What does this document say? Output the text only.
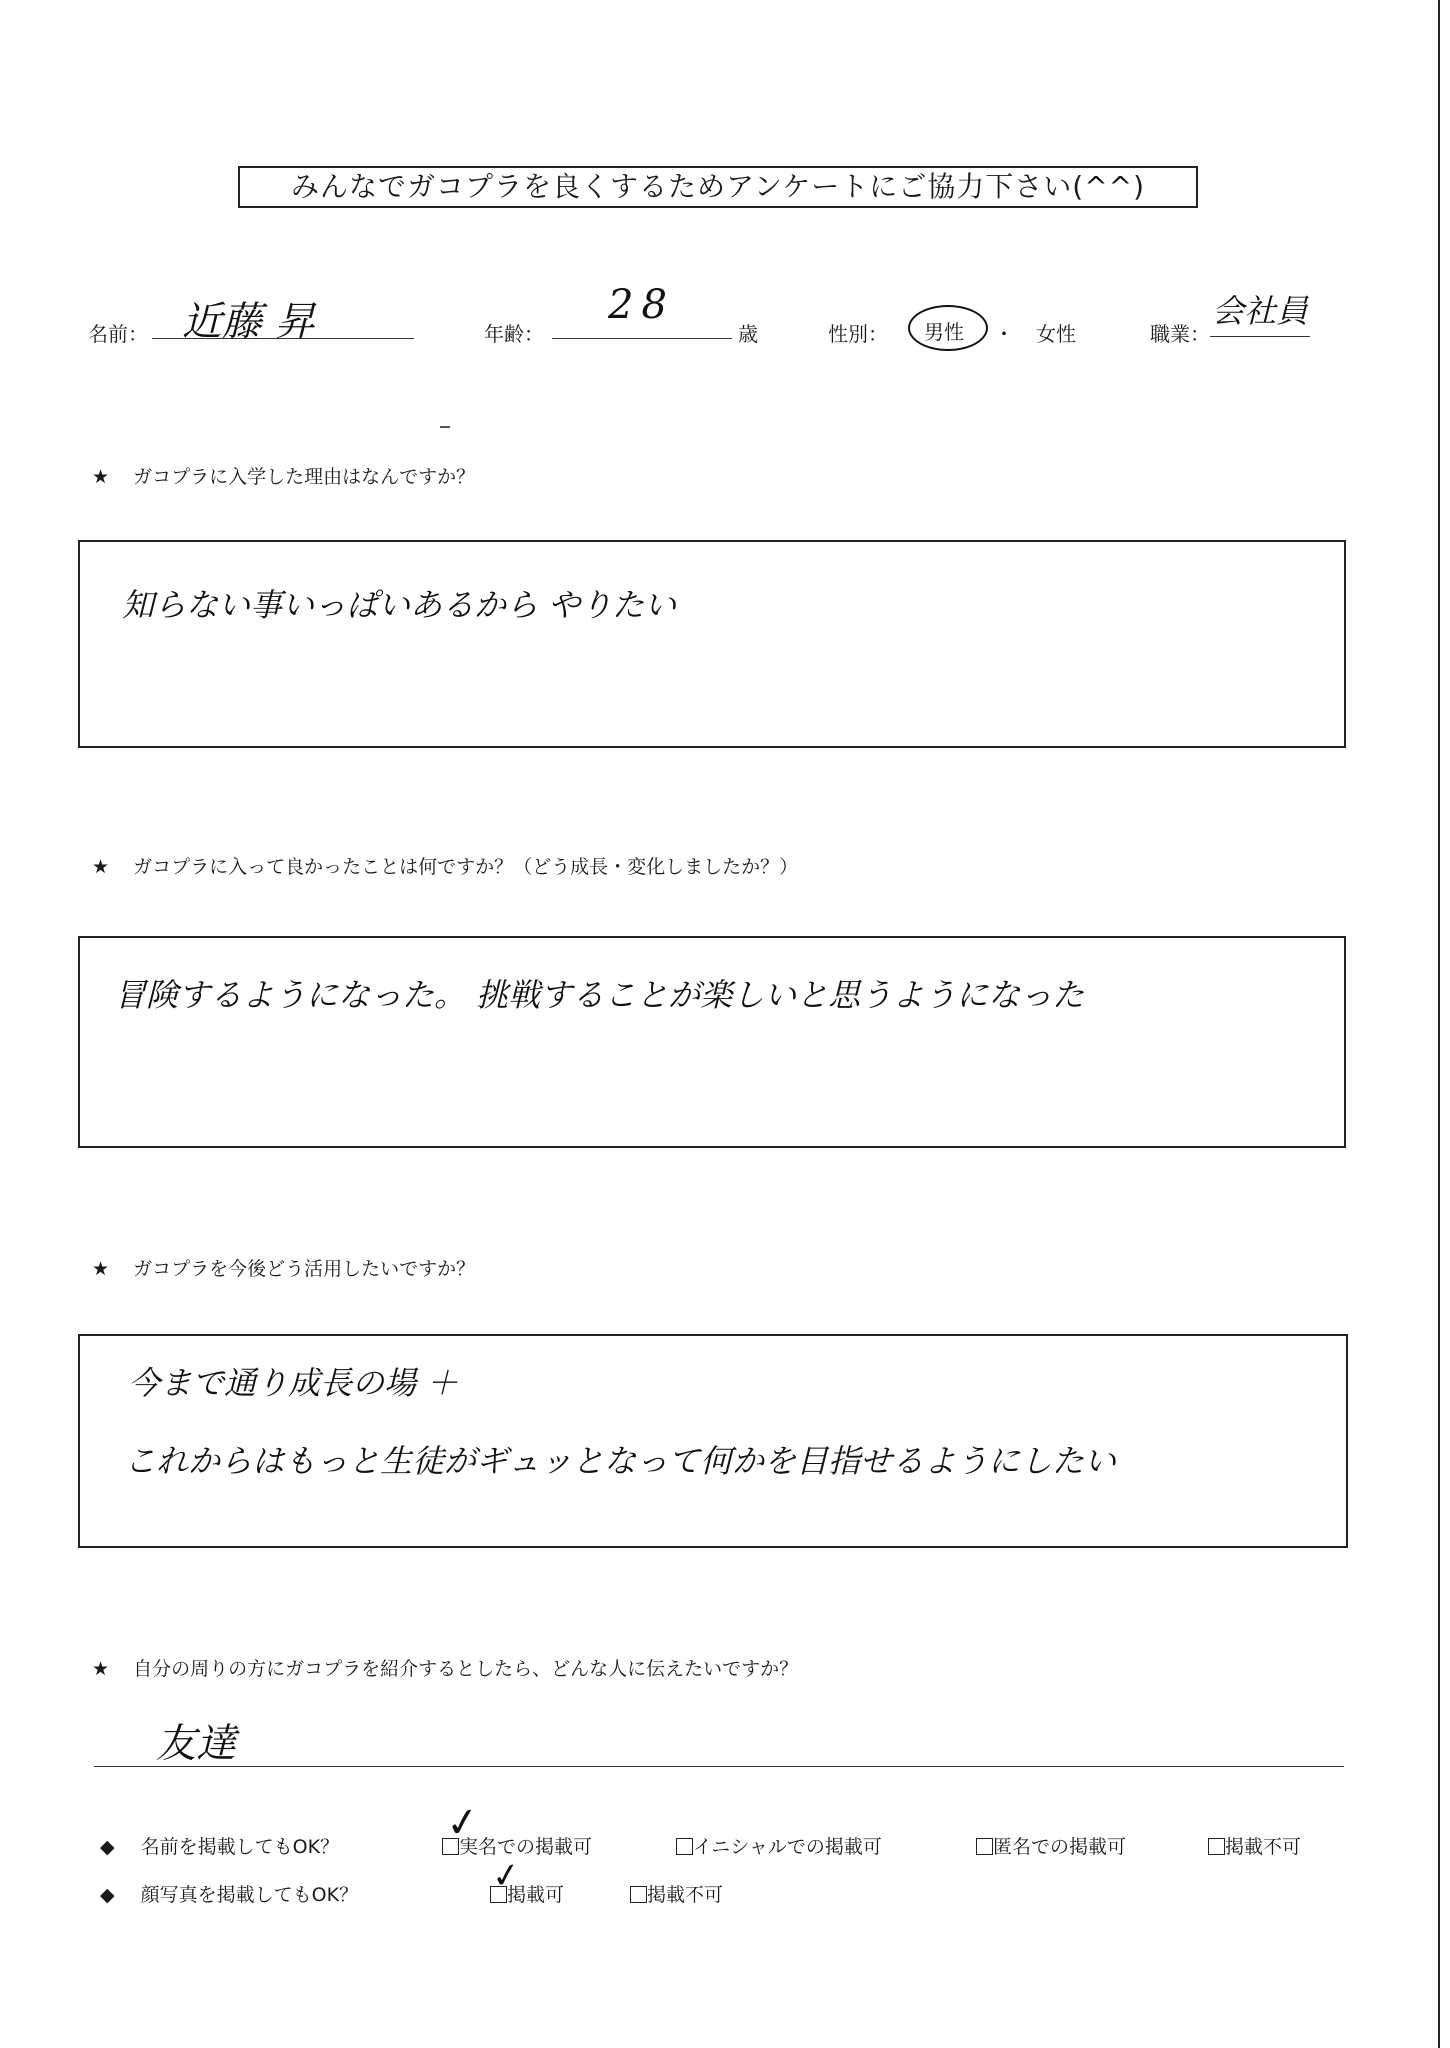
みんなでガコプラを良くするためアンケートにご協力下さい(^^)
名前： 近藤 昇	年齢：
28
歳	性別： 男性 ・ 女性	職業：
会社員
★ ガコプラに入学した理由はなんですか？
知らない事いっぱいあるから やりたい
★ ガコプラに入って良かったことは何ですか？（どう成長・変化しましたか？）
冒険するようになった。 挑戦することが楽しいと思うようになった
★ ガコプラを今後どう活用したいですか？
今まで通り成長の場 ＋
これからはもっと生徒がギュッとなって何かを目指せるようにしたい
★ 自分の周りの方にガコプラを紹介するとしたら、どんな人に伝えたいですか？
友達
◆ 名前を掲載してもOK？	実名での掲載可
✓	イニシャルでの掲載可	匿名での掲載可	掲載不可
◆ 顔写真を掲載してもOK？	掲載可
✓	掲載不可
